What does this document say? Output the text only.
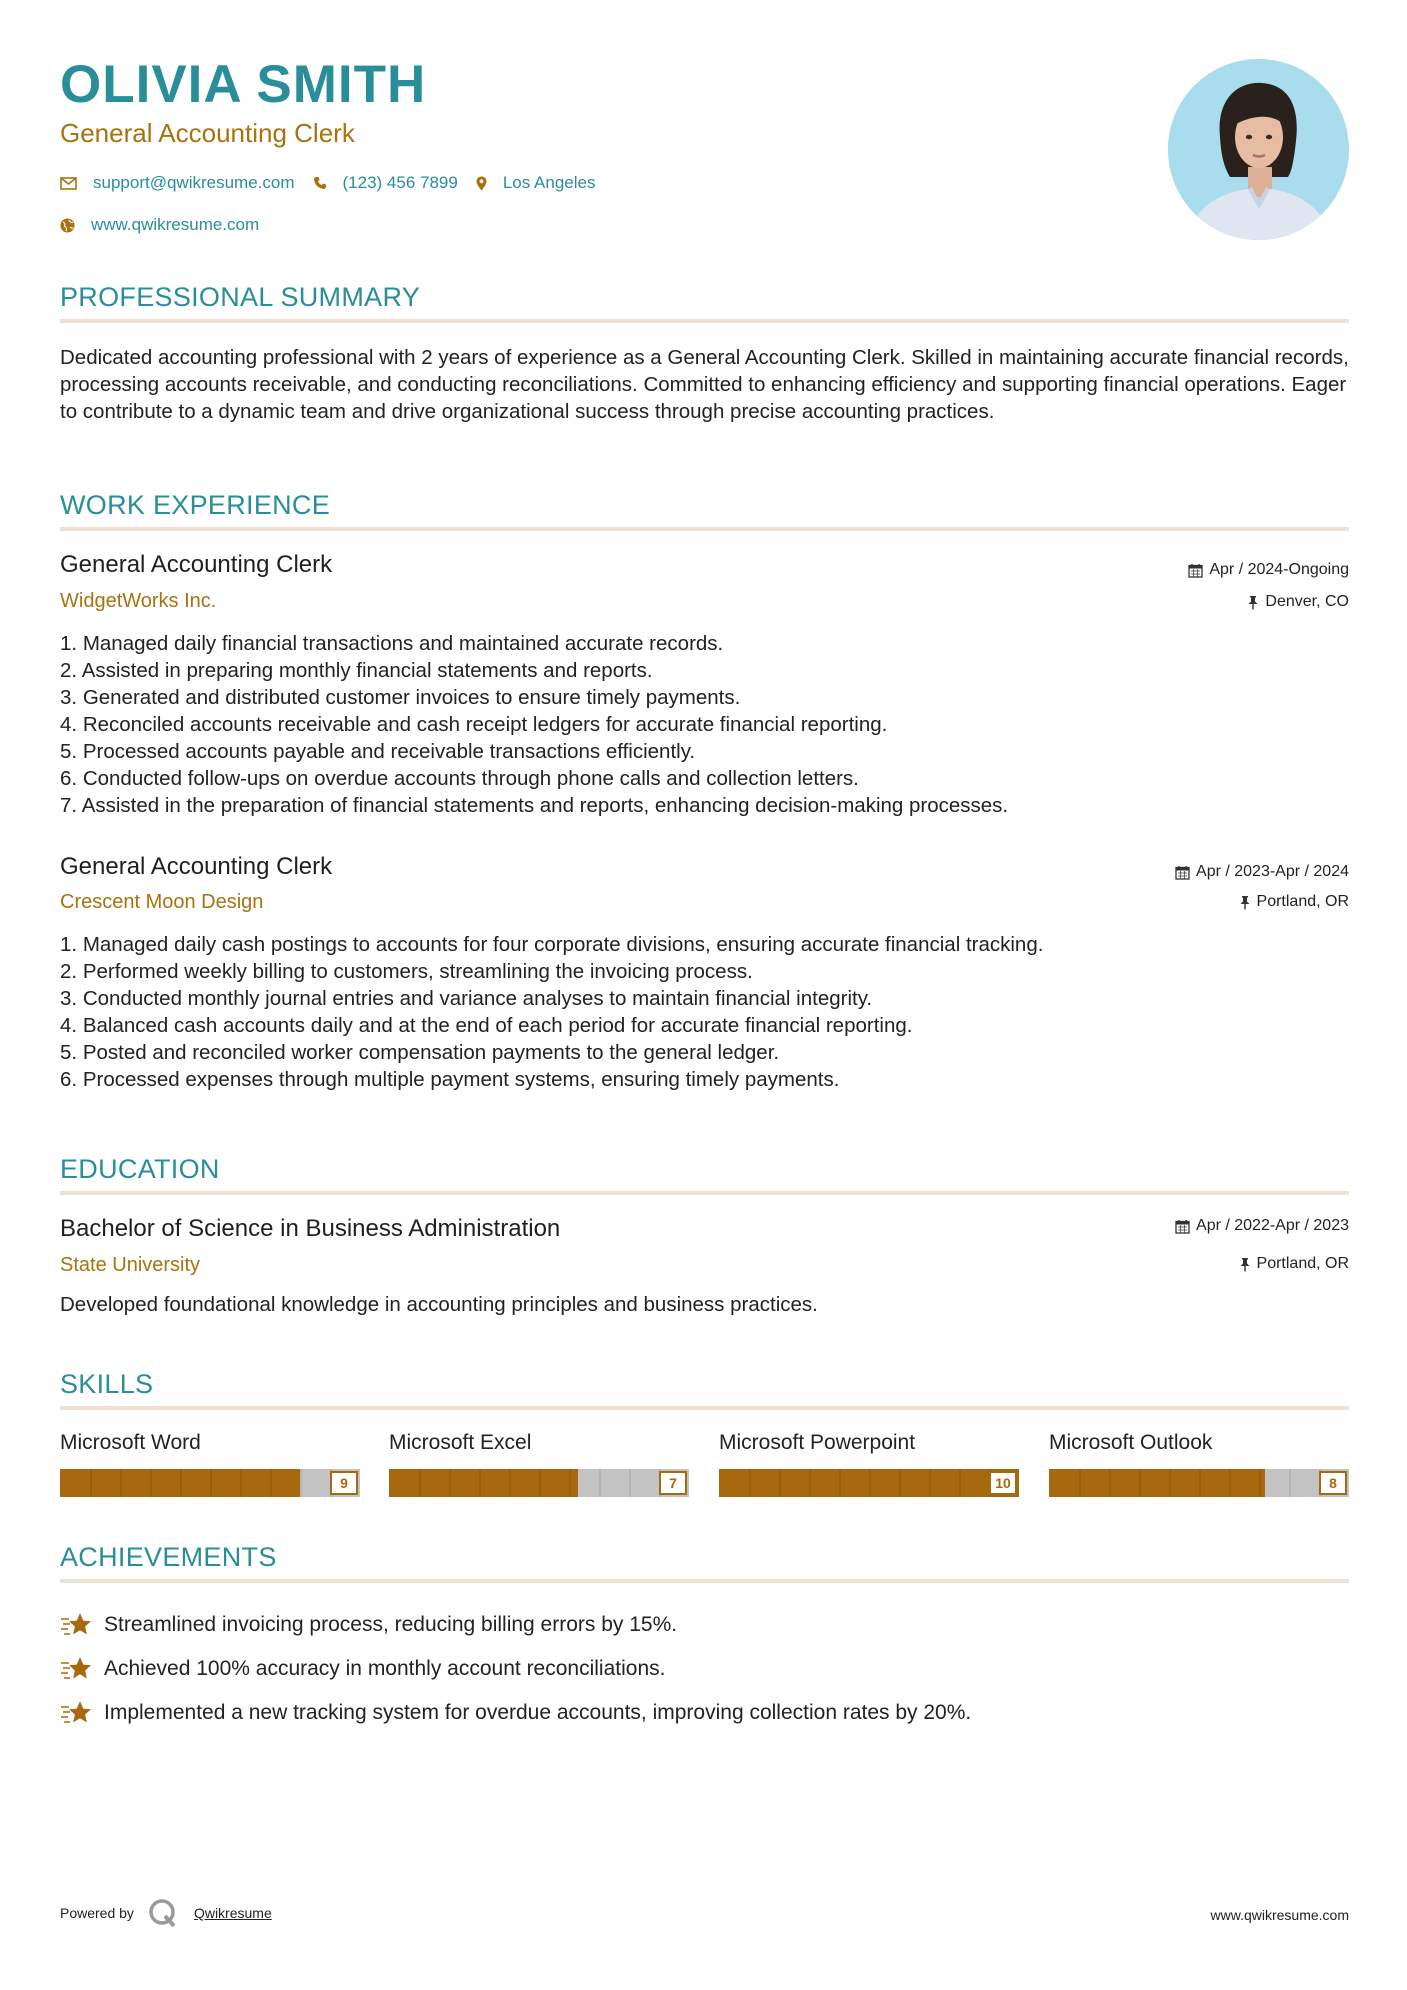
OLIVIA SMITH
General Accounting Clerk
support@qwikresume.com	(123) 456 7899	Los Angeles
www.qwikresume.com
PROFESSIONAL SUMMARY

Dedicated accounting professional with 2 years of experience as a General Accounting Clerk. Skilled in maintaining accurate financial records, processing accounts receivable, and conducting reconciliations. Committed to enhancing efficiency and supporting financial operations. Eager to contribute to a dynamic team and drive organizational success through precise accounting practices.

WORK EXPERIENCE
General Accounting Clerk
WidgetWorks Inc.
Apr / 2024-Ongoing
Denver, CO
1. Managed daily financial transactions and maintained accurate records.
2. Assisted in preparing monthly financial statements and reports.
3. Generated and distributed customer invoices to ensure timely payments.
4. Reconciled accounts receivable and cash receipt ledgers for accurate financial reporting.
5. Processed accounts payable and receivable transactions efficiently.
6. Conducted follow-ups on overdue accounts through phone calls and collection letters.
7. Assisted in the preparation of financial statements and reports, enhancing decision-making processes.
General Accounting Clerk
Crescent Moon Design
Apr / 2023-Apr / 2024
Portland, OR
1. Managed daily cash postings to accounts for four corporate divisions, ensuring accurate financial tracking.
2. Performed weekly billing to customers, streamlining the invoicing process.
3. Conducted monthly journal entries and variance analyses to maintain financial integrity.
4. Balanced cash accounts daily and at the end of each period for accurate financial reporting.
5. Posted and reconciled worker compensation payments to the general ledger.
6. Processed expenses through multiple payment systems, ensuring timely payments.
EDUCATION
Bachelor of Science in Business Administration
State University
Apr / 2022-Apr / 2023
Portland, OR
Developed foundational knowledge in accounting principles and business practices.
SKILLS
Microsoft Word
9
Microsoft Excel
7
Microsoft Powerpoint
10
Microsoft Outlook
8
ACHIEVEMENTS
Streamlined invoicing process, reducing billing errors by 15%.
Achieved 100% accuracy in monthly account reconciliations.
Implemented a new tracking system for overdue accounts, improving collection rates by 20%.
Powered by	Qwikresume	www.qwikresume.com
